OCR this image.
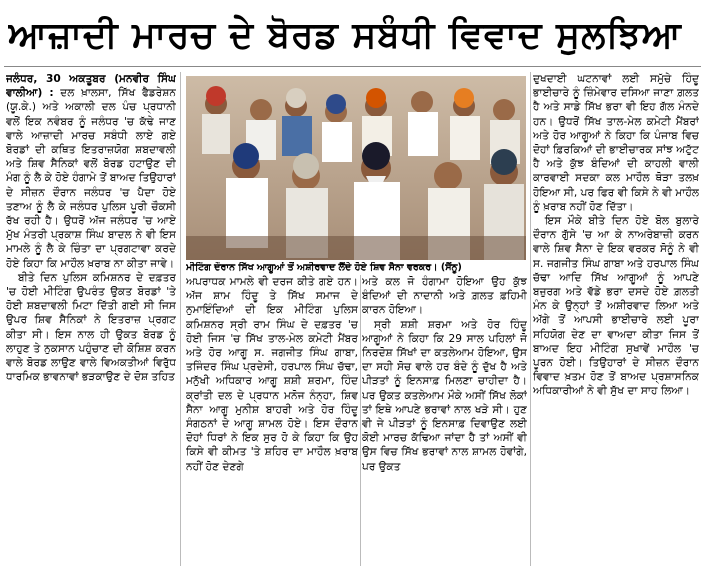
ਆਜ਼ਾਦੀ ਮਾਰਚ ਦੇ ਬੋਰਡ ਸਬੰਧੀ ਵਿਵਾਦ ਸੁਲਝਿਆ

ਜਲੰਧਰ, 30 ਅਕਤੂਬਰ (ਮਨਵੀਰ ਸਿੰਘ ਵਾਲੀਆ) : ਦਲ ਖ਼ਾਲਸਾ, ਸਿੱਖ ਫੈਡਰੇਸ਼ਨ (ਯੂ.ਕੇ.) ਅਤੇ ਅਕਾਲੀ ਦਲ ਪੰਚ ਪ੍ਰਧਾਨੀ ਵਲੋਂ ਇਕ ਨਵੰਬਰ ਨੂੰ ਜਲੰਧਰ 'ਚ ਕੱਢੇ ਜਾਣ ਵਾਲੇ ਆਜ਼ਾਦੀ ਮਾਰਚ ਸਬੰਧੀ ਲਾਏ ਗਏ ਬੋਰਡਾਂ ਦੀ ਕਥਿਤ ਇਤਰਾਜ਼ਯੋਗ ਸ਼ਬਦਾਵਲੀ ਅਤੇ ਸ਼ਿਵ ਸੈਨਿਕਾਂ ਵਲੋਂ ਬੋਰਡ ਹਟਾਉਣ ਦੀ ਮੰਗ ਨੂੰ ਲੈ ਕੇ ਹੋਏ ਹੰਗਾਮੇ ਤੋਂ ਬਾਅਦ ਤਿਉਹਾਰਾਂ ਦੇ ਸੀਜ਼ਨ ਦੌਰਾਨ ਜਲੰਧਰ 'ਚ ਪੈਦਾ ਹੋਏ ਤਣਾਅ ਨੂੰ ਲੈ ਕੇ ਜਲੰਧਰ ਪੁਲਿਸ ਪੂਰੀ ਚੌਕਸੀ ਰੱਖ ਰਹੀ ਹੈ। ਉਧਰੋਂ ਅੱਜ ਜਲੰਧਰ 'ਚ ਆਏ ਮੁੱਖ ਮੰਤਰੀ ਪ੍ਰਕਾਸ਼ ਸਿੰਘ ਬਾਦਲ ਨੇ ਵੀ ਇਸ ਮਾਮਲੇ ਨੂੰ ਲੈ ਕੇ ਚਿੰਤਾ ਦਾ ਪ੍ਰਗਟਾਵਾ ਕਰਦੇ ਹੋਏ ਕਿਹਾ ਕਿ ਮਾਹੌਲ ਖ਼ਰਾਬ ਨਾ ਕੀਤਾ ਜਾਵੇ।

ਬੀਤੇ ਦਿਨ ਪੁਲਿਸ ਕਮਿਸ਼ਨਰ ਦੇ ਦਫ਼ਤਰ 'ਚ ਹੋਈ ਮੀਟਿੰਗ ਉਪਰੰਤ ਉਕਤ ਬੋਰਡਾਂ 'ਤੇ ਹੋਈ ਸ਼ਬਦਾਵਲੀ ਮਿਟਾ ਦਿੱਤੀ ਗਈ ਸੀ ਜਿਸ ਉਪਰ ਸ਼ਿਵ ਸੈਨਿਕਾਂ ਨੇ ਇਤਰਾਜ਼ ਪ੍ਰਗਟ ਕੀਤਾ ਸੀ। ਇਸ ਨਾਲ ਹੀ ਉਕਤ ਬੋਰਡ ਨੂੰ ਲਾਹੁਣ ਤੇ ਨੁਕਸਾਨ ਪਹੁੰਚਾਣ ਦੀ ਕੋਸ਼ਿਸ਼ ਕਰਨ ਵਾਲੇ ਬੋਰਡ ਲਾਉਣ ਵਾਲੇ ਵਿਅਕਤੀਆਂ ਵਿਰੁੱਧ ਧਾਰਮਿਕ ਭਾਵਨਾਵਾਂ ਭੜਕਾਉਣ ਦੇ ਦੋਸ਼ ਤਹਿਤ

ਮੀਟਿੰਗ ਦੌਰਾਨ ਸਿੱਖ ਆਗੂਆਂ ਤੋਂ ਅਸ਼ੀਰਵਾਦ ਲੈਂਦੇ ਹੋਏ ਸ਼ਿਵ ਸੈਨਾ ਵਰਕਰ। (ਸੈਂਨੂ)

ਅਪਰਾਧਕ ਮਾਮਲੇ ਵੀ ਦਰਜ ਕੀਤੇ ਗਏ ਹਨ। ਅੱਜ ਸ਼ਾਮ ਹਿੰਦੂ ਤੇ ਸਿੱਖ ਸਮਾਜ ਦੇ ਨੁਮਾਇੰਦਿਆਂ ਦੀ ਇਕ ਮੀਟਿੰਗ ਪੁਲਿਸ ਕਮਿਸ਼ਨਰ ਸ੍ਰੀ ਰਾਮ ਸਿੰਘ ਦੇ ਦਫ਼ਤਰ 'ਚ ਹੋਈ ਜਿਸ 'ਚ ਸਿੱਖ ਤਾਲ-ਮੇਲ ਕਮੇਟੀ ਮੈਂਬਰ ਅਤੇ ਹੋਰ ਆਗੂ ਸ. ਜਗਜੀਤ ਸਿੰਘ ਗਾਬਾ, ਤਜਿੰਦਰ ਸਿੰਘ ਪ੍ਰਦੇਸੀ, ਹਰਪਾਲ ਸਿੰਘ ਚੱਢਾ, ਮਨੁੱਖੀ ਅਧਿਕਾਰ ਆਗੂ ਸ਼ਸ਼ੀ ਸ਼ਰਮਾ, ਹਿੰਦ ਕ੍ਰਾਂਤੀ ਦਲ ਦੇ ਪ੍ਰਧਾਨ ਮਨੋਜ ਨੰਨ੍ਹਾ, ਸ਼ਿਵ ਸੈਨਾ ਆਗੂ ਮੁਨੀਸ਼ ਬਾਹਰੀ ਅਤੇ ਹੋਰ ਹਿੰਦੂ ਸੰਗਠਨਾਂ ਦੇ ਆਗੂ ਸ਼ਾਮਲ ਹੋਏ। ਇਸ ਦੌਰਾਨ ਦੋਹਾਂ ਧਿਰਾਂ ਨੇ ਇਕ ਸੁਰ ਹੋ ਕੇ ਕਿਹਾ ਕਿ ਉਹ ਕਿਸੇ ਵੀ ਕੀਮਤ 'ਤੇ ਸ਼ਹਿਰ ਦਾ ਮਾਹੌਲ ਖ਼ਰਾਬ ਨਹੀਂ ਹੋਣ ਦੇਣਗੇ

ਅਤੇ ਕਲ ਜੋ ਹੰਗਾਮਾ ਹੋਇਆ ਉਹ ਕੁੱਝ ਬੰਦਿਆਂ ਦੀ ਨਾਦਾਨੀ ਅਤੇ ਗ਼ਲਤ ਫ਼ਹਿਮੀ ਕਾਰਨ ਹੋਇਆ।

ਸ੍ਰੀ ਸ਼ਸ਼ੀ ਸ਼ਰਮਾ ਅਤੇ ਹੋਰ ਹਿੰਦੂ ਆਗੂਆਂ ਨੇ ਕਿਹਾ ਕਿ 29 ਸਾਲ ਪਹਿਲਾਂ ਜੋ ਨਿਰਦੋਸ਼ ਸਿੱਖਾਂ ਦਾ ਕਤਲੇਆਮ ਹੋਇਆ, ਉਸ ਦਾ ਸਹੀ ਸੋਚ ਵਾਲੇ ਹਰ ਬੰਦੇ ਨੂੰ ਦੁੱਖ ਹੈ ਅਤੇ ਪੀੜਤਾਂ ਨੂੰ ਇਨਸਾਫ਼ ਮਿਲਣਾ ਚਾਹੀਦਾ ਹੈ। ਪਰ ਉਕਤ ਕਤਲੇਆਮ ਮੌਕੇ ਅਸੀਂ ਸਿੱਖ ਲੋਕਾਂ ਤਾਂ ਇਥੇ ਆਪਣੇ ਭਰਾਵਾਂ ਨਾਲ ਖੜੇ ਸੀ। ਹੁਣ ਵੀ ਜੇ ਪੀੜਤਾਂ ਨੂੰ ਇਨਸਾਫ਼ ਦਿਵਾਉਣ ਲਈ ਕੋਈ ਮਾਰਚ ਕੱਢਿਆ ਜਾਂਦਾ ਹੈ ਤਾਂ ਅਸੀਂ ਵੀ ਉਸ ਵਿਚ ਸਿੱਖ ਭਰਾਵਾਂ ਨਾਲ ਸ਼ਾਮਲ ਹੋਵਾਂਗੇ, ਪਰ ਉਕਤ

ਦੁਖਦਾਈ ਘਟਨਾਵਾਂ ਲਈ ਸਮੁੱਚੇ ਹਿੰਦੂ ਭਾਈਚਾਰੇ ਨੂੰ ਜ਼ਿੰਮੇਵਾਰ ਦਸਿਆ ਜਾਣਾ ਗ਼ਲਤ ਹੈ ਅਤੇ ਸਾਡੇ ਸਿੱਖ ਭਰਾ ਵੀ ਇਹ ਗੱਲ ਮੰਨਦੇ ਹਨ। ਉਧਰੋਂ ਸਿੱਖ ਤਾਲ-ਮੇਲ ਕਮੇਟੀ ਮੈਂਬਰਾਂ ਅਤੇ ਹੋਰ ਆਗੂਆਂ ਨੇ ਕਿਹਾ ਕਿ ਪੰਜਾਬ ਵਿਚ ਦੋਹਾਂ ਫ਼ਿਰਕਿਆਂ ਦੀ ਭਾਈਚਾਰਕ ਸਾਂਝ ਅਟੁੱਟ ਹੈ ਅਤੇ ਕੁੱਝ ਬੰਦਿਆਂ ਦੀ ਕਾਹਲੀ ਵਾਲੀ ਕਾਰਵਾਈ ਸਦਕਾ ਕਲ ਮਾਹੌਲ ਥੋੜਾ ਤਲਖ਼ ਹੋਇਆ ਸੀ, ਪਰ ਫਿਰ ਵੀ ਕਿਸੇ ਨੇ ਵੀ ਮਾਹੌਲ ਨੂੰ ਖ਼ਰਾਬ ਨਹੀਂ ਹੋਣ ਦਿੱਤਾ।

ਇਸ ਮੌਕੇ ਬੀਤੇ ਦਿਨ ਹੋਏ ਬੋਲ ਬੁਲਾਰੇ ਦੌਰਾਨ ਗੁੱਸੇ 'ਚ ਆ ਕੇ ਨਾਅਰੇਬਾਜ਼ੀ ਕਰਨ ਵਾਲੇ ਸ਼ਿਵ ਸੈਨਾ ਦੇ ਇਕ ਵਰਕਰ ਸੋਨੂੰ ਨੇ ਵੀ ਸ. ਜਗਜੀਤ ਸਿੰਘ ਗਾਬਾ ਅਤੇ ਹਰਪਾਲ ਸਿੰਘ ਚੱਢਾ ਆਦਿ ਸਿੱਖ ਆਗੂਆਂ ਨੂੰ ਆਪਣੇ ਬਜ਼ੁਰਗ ਅਤੇ ਵੱਡੇ ਭਰਾ ਦਸਦੇ ਹੋਏ ਗ਼ਲਤੀ ਮੰਨ ਕੇ ਉਨ੍ਹਾਂ ਤੋਂ ਅਸ਼ੀਰਵਾਦ ਲਿਆ ਅਤੇ ਅੱਗੇ ਤੋਂ ਆਪਸੀ ਭਾਈਚਾਰੇ ਲਈ ਪੂਰਾ ਸਹਿਯੋਗ ਦੇਣ ਦਾ ਵਾਅਦਾ ਕੀਤਾ ਜਿਸ ਤੋਂ ਬਾਅਦ ਇਹ ਮੀਟਿੰਗ ਸੁਖਾਵੇਂ ਮਾਹੌਲ 'ਚ ਪੂਰਨ ਹੋਈ। ਤਿਉਹਾਰਾਂ ਦੇ ਸੀਜ਼ਨ ਦੌਰਾਨ ਵਿਵਾਦ ਖ਼ਤਮ ਹੋਣ ਤੋਂ ਬਾਅਦ ਪ੍ਰਸ਼ਾਸਨਿਕ ਅਧਿਕਾਰੀਆਂ ਨੇ ਵੀ ਸੁੱਖ ਦਾ ਸਾਹ ਲਿਆ।
